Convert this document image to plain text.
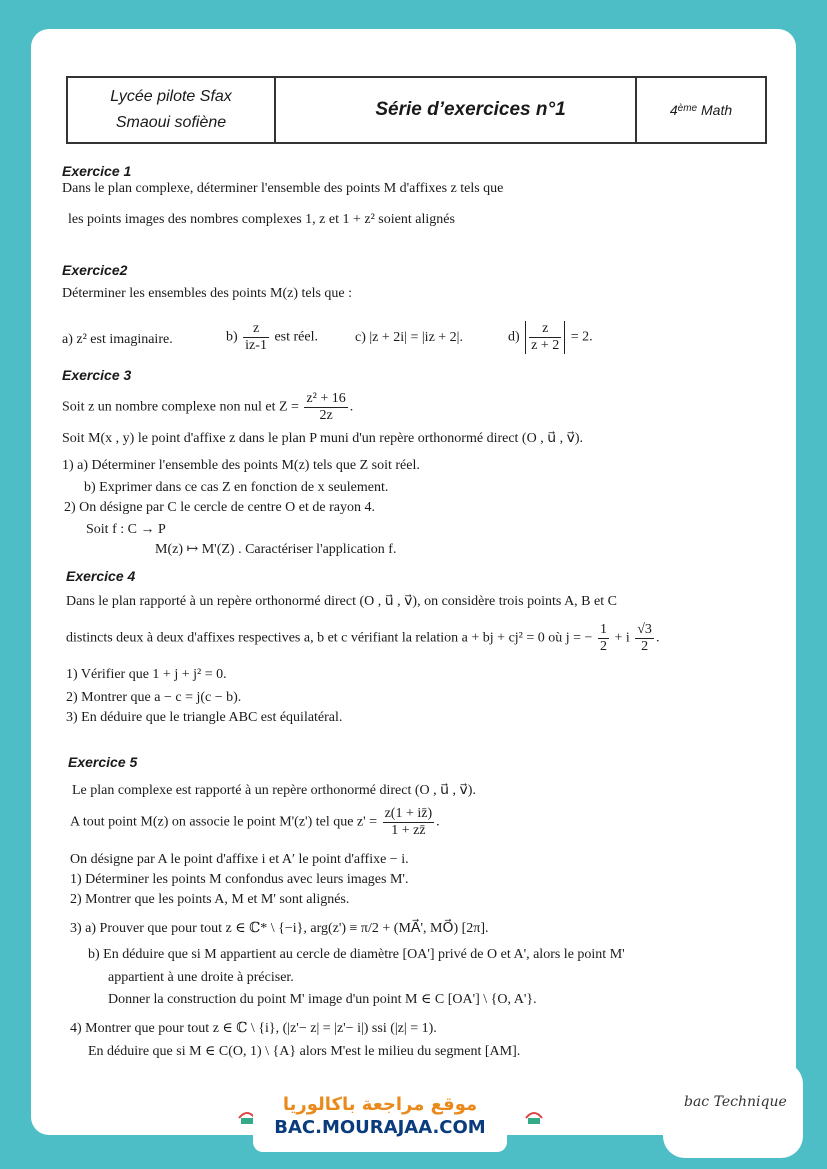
Lycée pilote Sfax
Smaoui sofiène
Série d’exercices n°1	4ème
Math
Exercice 1
Dans le plan complexe, déterminer l'ensemble des points M d'affixes z tels que
les points images des nombres complexes 1, z et 1 + z² soient alignés
Exercice2
Déterminer les ensembles des points M(z) tels que :
a) z² est imaginaire.	$b) \frac{z}{iz-1}$ est réel.	c) |z + 2i| = |iz + 2|.	$d) \frac{z}{z + 2} = 2$.
Exercice 3
Soit z un nombre complexe non nul et $Z = \frac{\text{z² + 16}}{2z}$ .
Soit M(x , y) le point d'affixe z dans le plan P muni d'un repère orthonormé direct (O , u⃗ , v⃗).
1) a) Déterminer l'ensemble des points M(z) tels que Z soit réel.
b) Exprimer dans ce cas Z en fonction de x seulement.
2) On désigne par C le cercle de centre O et de rayon 4.
Soit f : C → P
M(z) ↦ M'(Z) . Caractériser l'application f.
Exercice 4
Dans le plan rapporté à un repère orthonormé direct (O , u⃗ , v⃗), on considère trois points A, B et C
distincts deux à deux d'affixes respectives a, b et c vérifiant la relation a + bj + cj² = 0 où j = − $\frac{1}{2} + i \frac{√3}{2}$ .
1) Vérifier que 1 + j + j² = 0.
2) Montrer que a − c = j(c − b).
3) En déduire que le triangle ABC est équilatéral.
Exercice 5
Le plan complexe est rapporté à un repère orthonormé direct (O , u⃗ , v⃗).
A tout point M(z) on associe le point M'(z') tel que $z' = \frac{z(1 + iz̄)}{1 + zz̄}$ .
On désigne par A le point d'affixe i et A′ le point d'affixe − i.
1) Déterminer les points M confondus avec leurs images M'.
2) Montrer que les points A, M et M' sont alignés.
3) a) Prouver que pour tout z ∈ ℂ* \ {−i}, arg(z') ≡ π/2 + (MA⃗', MO⃗) [2π].
b) En déduire que si M appartient au cercle de diamètre [OA'] privé de O et A', alors le point M'
appartient à une droite à préciser.
Donner la construction du point M' image d'un point M ∈ C [OA'] \ {O, A'}.
4) Montrer que pour tout z ∈ ℂ \ {i}, (|z'− z| = |z'− i|) ssi (|z| = 1).
En déduire que si M ∈ C(O, 1) \ {A} alors M'est le milieu du segment [AM].
موقع مراجعة باكالوريا
BAC.MOURAJAA.COM
bac Technique
